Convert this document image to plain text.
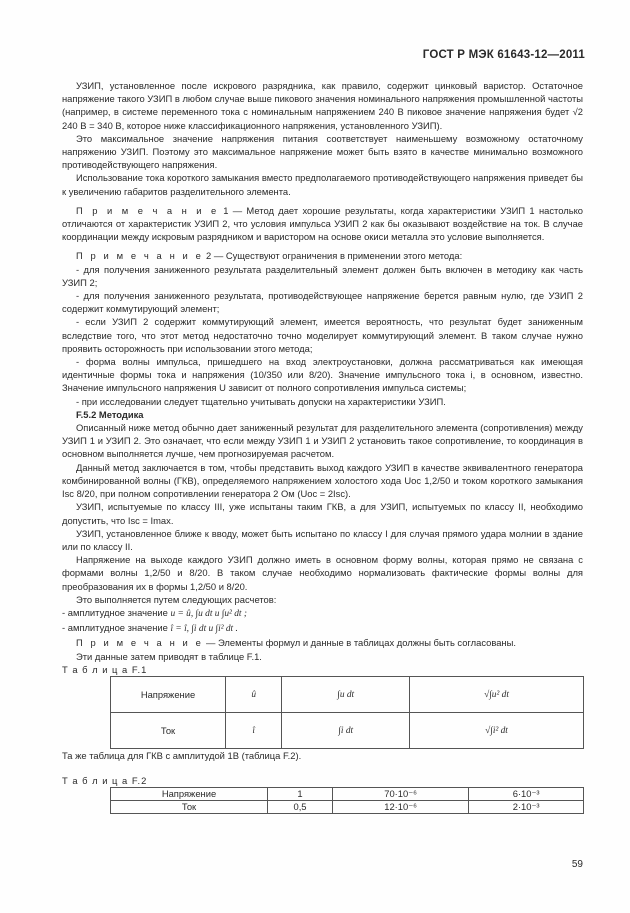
ГОСТ Р МЭК 61643-12—2011

УЗИП, установленное после искрового разрядника, как правило, содержит цинковый варистор. Остаточное напряжение такого УЗИП в любом случае выше пикового значения номинального напряжения промышленной частоты (например, в системе переменного тока с номинальным напряжением 240 В пиковое значение напряжения будет √2 240 В = 340 В, которое ниже классификационного напряжения, установленного УЗИП).

Это максимальное значение напряжения питания соответствует наименьшему возможному остаточному напряжению УЗИП. Поэтому это максимальное напряжение может быть взято в качестве минимально возможного противодействующего напряжения.

Использование тока короткого замыкания вместо предполагаемого противодействующего напряжения приведет бы к увеличению габаритов разделительного элемента.

П р и м е ч а н и е 1 — Метод дает хорошие результаты, когда характеристики УЗИП 1 настолько отличаются от характеристик УЗИП 2, что условия импульса УЗИП 2 как бы оказывают воздействие на ток. В случае координации между искровым разрядником и варистором на основе окиси металла это условие выполняется.

П р и м е ч а н и е 2 — Существуют ограничения в применении этого метода:

- для получения заниженного результата разделительный элемент должен быть включен в методику как часть УЗИП 2;

- для получения заниженного результата, противодействующее напряжение берется равным нулю, где УЗИП 2 содержит коммутирующий элемент;

- если УЗИП 2 содержит коммутирующий элемент, имеется вероятность, что результат будет заниженным вследствие того, что этот метод недостаточно точно моделирует коммутирующий элемент. В таком случае нужно проявить осторожность при использовании этого метода;

- форма волны импульса, пришедшего на вход электроустановки, должна рассматриваться как имеющая идентичные формы тока и напряжения (10/350 или 8/20). Значение импульсного тока i, в основном, известно. Значение импульсного напряжения U зависит от полного сопротивления импульса системы;

- при исследовании следует тщательно учитывать допуски на характеристики УЗИП.

F.5.2 Методика

Описанный ниже метод обычно дает заниженный результат для разделительного элемента (сопротивления) между УЗИП 1 и УЗИП 2. Это означает, что если между УЗИП 1 и УЗИП 2 установить такое сопротивление, то координация в основном выполняется лучше, чем прогнозируемая расчетом.

Данный метод заключается в том, чтобы представить выход каждого УЗИП в качестве эквивалентного генератора комбинированной волны (ГКВ), определяемого напряжением холостого хода Uoc 1,2/50 и током короткого замыкания Isc 8/20, при полном сопротивлении генератора 2 Ом (Uoc = 2Isc).

УЗИП, испытуемые по классу III, уже испытаны таким ГКВ, а для УЗИП, испытуемых по классу II, необходимо допустить, что Isc = Imax.

УЗИП, установленное ближе к вводу, может быть испытано по классу I для случая прямого удара молнии в здание или по классу II.

Напряжение на выходе каждого УЗИП должно иметь в основном форму волны, которая прямо не связана с формами волны 1,2/50 и 8/20. В таком случае необходимо нормализовать фактические формы волны для преобразования их в формы 1,2/50 и 8/20.

Это выполняется путем следующих расчетов:

- амплитудное значение u = û, ∫u dt и ∫u² dt ;

- амплитудное значение î = î, ∫i dt и ∫i² dt .

П р и м е ч а н и е — Элементы формул и данные в таблицах должны быть согласованы.

Эти данные затем приводят в таблице F.1.

Т а б л и ц а F.1

Напряжение	û	∫u dt	√∫u² dt
Ток	î	∫i dt	√∫i² dt

Та же таблица для ГКВ с амплитудой 1В (таблица F.2).

Т а б л и ц а F.2

Напряжение	1	70·10⁻⁶	6·10⁻³
Ток	0,5	12·10⁻⁶	2·10⁻³
59
